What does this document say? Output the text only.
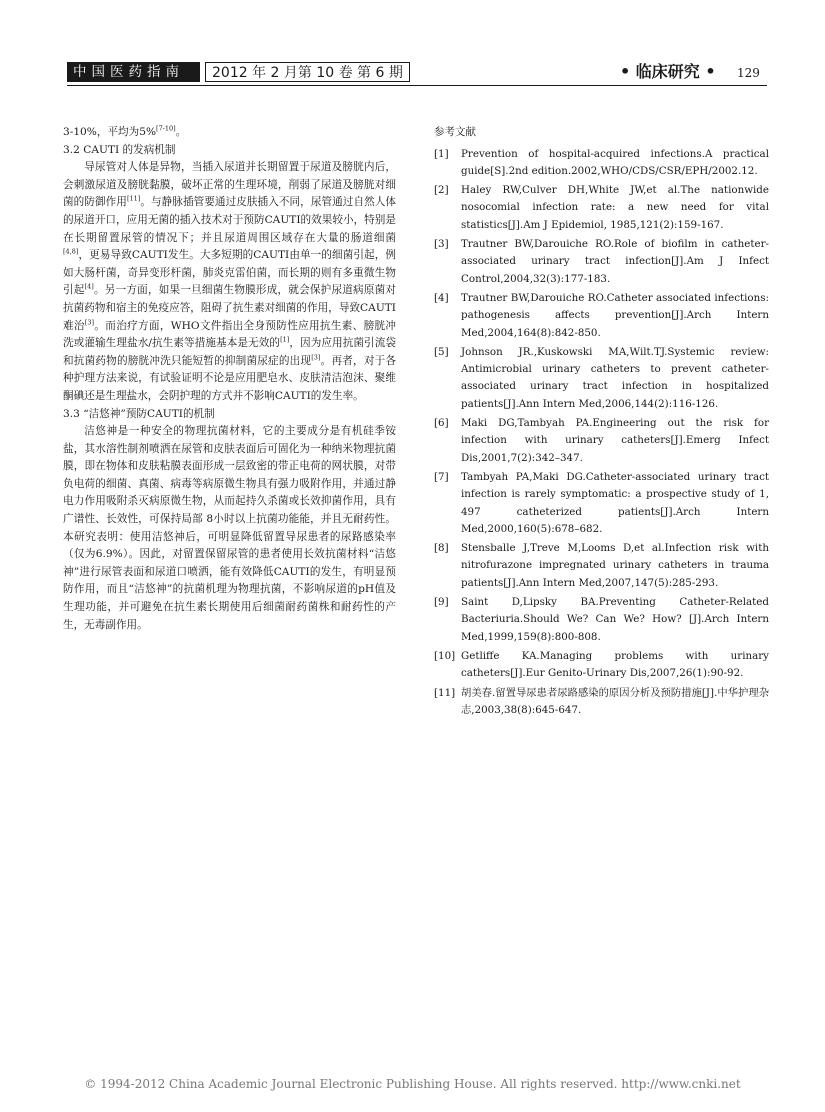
中国医药指南	2012 年 2 月第 10 卷 第 6 期	• 临床研究 • 129

3-10%，平均为5%[7-10]。

3.2 CAUTI 的发病机制

导尿管对人体是异物，当插入尿道并长期留置于尿道及膀胱内后，会刺激尿道及膀胱黏膜，破坏正常的生理环境，削弱了尿道及膀胱对细菌的防御作用[11]。与静脉插管要通过皮肤插入不同，尿管通过自然人体的尿道开口，应用无菌的插入技术对于预防CAUTI的效果较小，特别是在长期留置尿管的情况下；并且尿道周围区域存在大量的肠道细菌[4,8]，更易导致CAUTI发生。大多短期的CAUTI由单一的细菌引起，例如大肠杆菌，奇异变形杆菌，肺炎克雷伯菌，而长期的则有多重微生物引起[4]。另一方面，如果一旦细菌生物膜形成，就会保护尿道病原菌对抗菌药物和宿主的免疫应答，阻碍了抗生素对细菌的作用，导致CAUTI难治[3]。而治疗方面，WHO文件指出全身预防性应用抗生素、膀胱冲洗或灌输生理盐水/抗生素等措施基本是无效的[1]，因为应用抗菌引流袋和抗菌药物的膀胱冲洗只能短暂的抑制菌尿症的出现[3]。再者，对于各种护理方法来说，有试验证明不论是应用肥皂水、皮肤清洁泡沫、聚维酮碘还是生理盐水，会阴护理的方式并不影响CAUTI的发生率。

3.3 “洁悠神”预防CAUTI的机制

洁悠神是一种安全的物理抗菌材料，它的主要成分是有机硅季铵盐，其水溶性制剂喷洒在尿管和皮肤表面后可固化为一种纳米物理抗菌膜，即在物体和皮肤粘膜表面形成一层致密的带正电荷的网状膜，对带负电荷的细菌、真菌、病毒等病原微生物具有强力吸附作用，并通过静电力作用吸附杀灭病原微生物，从而起持久杀菌或长效抑菌作用，具有广谱性、长效性，可保持局部 8小时以上抗菌功能能，并且无耐药性。本研究表明：使用洁悠神后，可明显降低留置导尿患者的尿路感染率（仅为6.9%）。因此，对留置保留尿管的患者使用长效抗菌材料“洁悠神”进行尿管表面和尿道口喷洒，能有效降低CAUTI的发生，有明显预防作用，而且“洁悠神”的抗菌机理为物理抗菌，不影响尿道的pH值及生理功能，并可避免在抗生素长期使用后细菌耐药菌株和耐药性的产生，无毒副作用。

参考文献

[1] Prevention of hospital-acquired infections.A practical guide[S].2nd edition.2002,WHO/CDS/CSR/EPH/2002.12.
[2] Haley RW,Culver DH,White JW,et al.The nationwide nosocomial infection rate: a new need for vital statistics[J].Am J Epidemiol, 1985,121(2):159-167.
[3] Trautner BW,Darouiche RO.Role of biofilm in catheter-associated urinary tract infection[J].Am J Infect Control,2004,32(3):177-183.
[4] Trautner BW,Darouiche RO.Catheter associated infections: pathogenesis affects prevention[J].Arch Intern Med,2004,164(8):842-850.
[5] Johnson JR.,Kuskowski MA,Wilt.TJ.Systemic review: Antimicrobial urinary catheters to prevent catheter-associated urinary tract infection in hospitalized patients[J].Ann Intern Med,2006,144(2):116-126.
[6] Maki DG,Tambyah PA.Engineering out the risk for infection with urinary catheters[J].Emerg Infect Dis,2001,7(2):342–347.
[7] Tambyah PA,Maki DG.Catheter-associated urinary tract infection is rarely symptomatic: a prospective study of 1, 497 catheterized patients[J].Arch Intern Med,2000,160(5):678–682.
[8] Stensballe J,Treve M,Looms D,et al.Infection risk with nitrofurazone impregnated urinary catheters in trauma patients[J].Ann Intern Med,2007,147(5):285-293.
[9] Saint D,Lipsky BA.Preventing Catheter-Related Bacteriuria.Should We? Can We? How? [J].Arch Intern Med,1999,159(8):800-808.
[10] Getliffe KA.Managing problems with urinary catheters[J].Eur Genito-Urinary Dis,2007,26(1):90-92.
[11] 胡美春.留置导尿患者尿路感染的原因分析及预防措施[J].中华护理杂志,2003,38(8):645-647.
© 1994-2012 China Academic Journal Electronic Publishing House. All rights reserved. http://www.cnki.net
